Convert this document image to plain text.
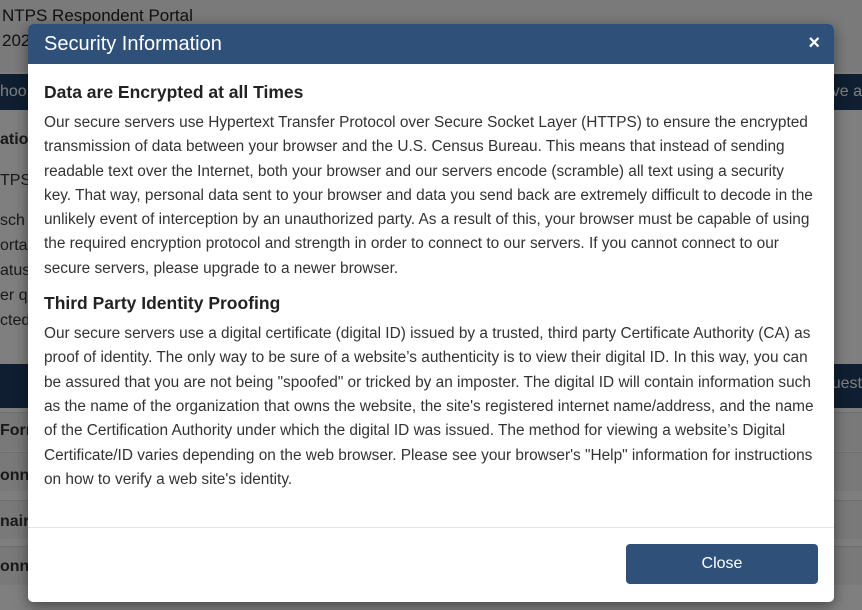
Security Information	×
Data are Encrypted at all Times

Our secure servers use Hypertext Transfer Protocol over Secure Socket Layer (HTTPS) to ensure the encrypted transmission of data between your browser and the U.S. Census Bureau. This means that instead of sending readable text over the Internet, both your browser and our servers encode (scramble) all text using a security key. That way, personal data sent to your browser and data you send back are extremely difficult to decode in the unlikely event of interception by an unauthorized party. As a result of this, your browser must be capable of using the required encryption protocol and strength in order to connect to our servers. If you cannot connect to our secure servers, please upgrade to a newer browser.

Third Party Identity Proofing

Our secure servers use a digital certificate (digital ID) issued by a trusted, third party Certificate Authority (CA) as proof of identity. The only way to be sure of a website’s authenticity is to view their digital ID. In this way, you can be assured that you are not being "spoofed" or tricked by an imposter. The digital ID will contain information such as the name of the organization that owns the website, the site's registered internet name/address, and the name of the Certification Authority under which the digital ID was issued. The method for viewing a website’s Digital Certificate/ID varies depending on the web browser. Please see your browser's "Help" information for instructions on how to verify a web site's identity.

Close
